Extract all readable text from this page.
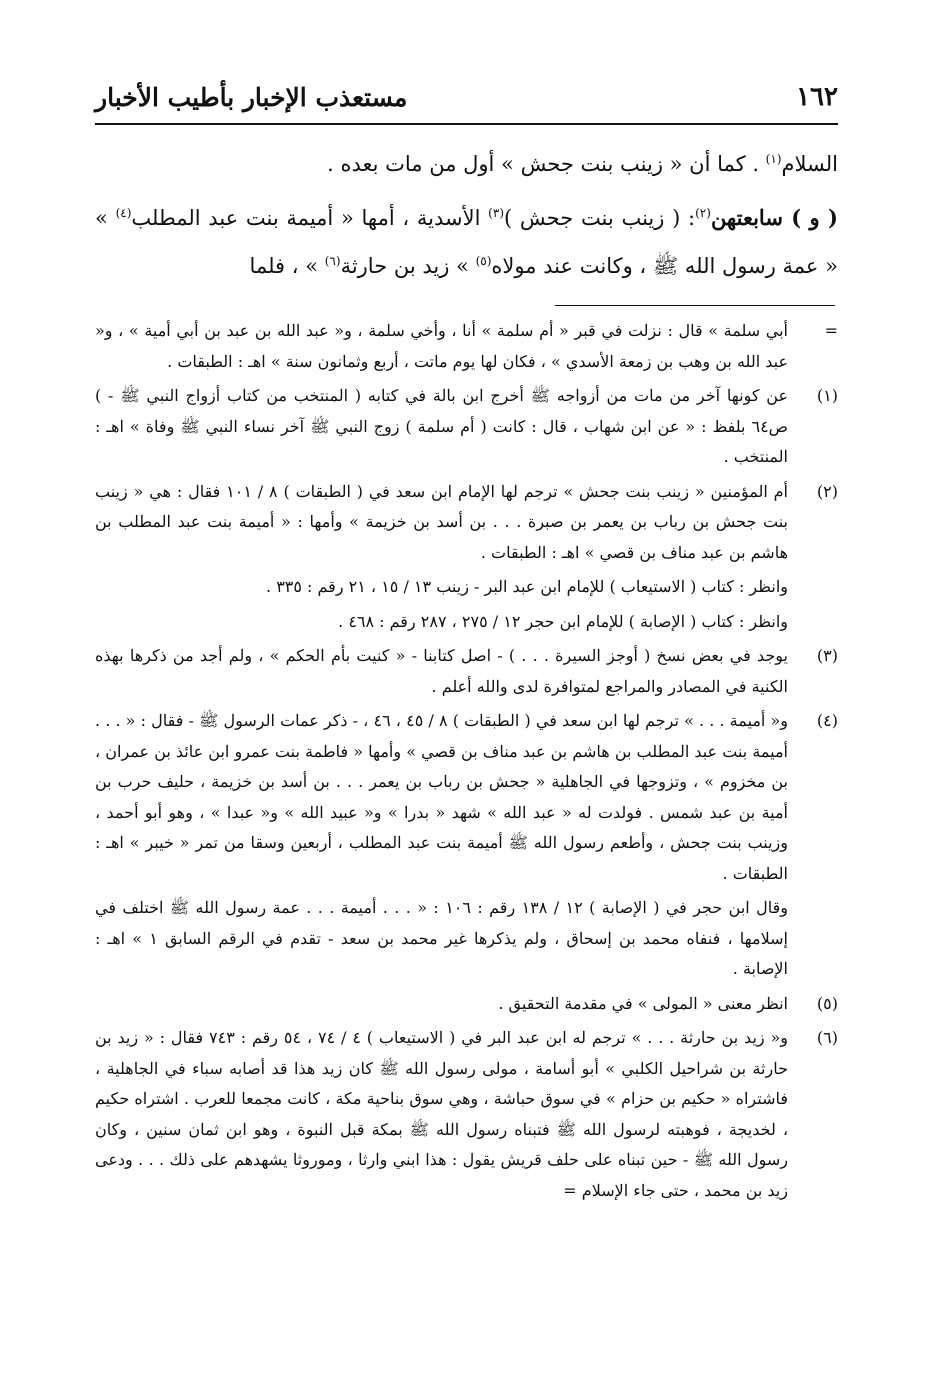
١٦٢
مستعذب الإخبار بأطيب الأخبار

السلام$^{(١)}$ . كما أن « زينب بنت جحش » أول من مات بعده .

( و ) سابعتهن$^{(٢)}$: ( زينب بنت جحش )$^{(٣)}$ الأسدية ، أمها « أميمة بنت عبد المطلب$^{(٤)}$ » « عمة رسول الله ﷺ ، وكانت عند مولاه$^{(٥)}$ » زيد بن حارثة$^{(٦)}$ » ، فلما

=

أبي سلمة » قال : نزلت في قبر « أم سلمة » أنا ، وأخي سلمة ، و« عبد الله بن عبد بن أبي أمية » ، و« عبد الله بن وهب بن زمعة الأسدي » ، فكان لها يوم ماتت ، أربع وثمانون سنة » اهـ : الطبقات .

(١)

عن كونها آخر من مات من أزواجه ﷺ أخرج ابن بالة في كتابه ( المنتخب من كتاب أزواج النبي ﷺ - ) ص٦٤ بلفظ : « عن ابن شهاب ، قال : كانت ( أم سلمة ) زوج النبي ﷺ آخر نساء النبي ﷺ وفاة » اهـ : المنتخب .

(٢)

أم المؤمنين « زينب بنت جحش » ترجم لها الإمام ابن سعد في ( الطبقات ) ٨ / ١٠١ فقال : هي « زينب بنت جحش بن رباب بن يعمر بن صبرة . . . بن أسد بن خزيمة » وأمها : « أميمة بنت عبد المطلب بن هاشم بن عبد مناف بن قصي » اهـ : الطبقات .

وانظر : كتاب ( الاستيعاب ) للإمام ابن عبد البر - زينب ١٣ / ١٥ ، ٢١ رقم : ٣٣٥ .

وانظر : كتاب ( الإصابة ) للإمام ابن حجر ١٢ / ٢٧٥ ، ٢٨٧ رقم : ٤٦٨ .

(٣)

يوجد في بعض نسخ ( أوجز السيرة . . . ) - اصل كتابنا - « كنيت بأم الحكم » ، ولم أجد من ذكرها بهذه الكنية في المصادر والمراجع لمتوافرة لدى والله أعلم .

(٤)

و« أميمة . . . » ترجم لها ابن سعد في ( الطبقات ) ٨ / ٤٥ ، ٤٦ ، - ذكر عمات الرسول ﷺ - فقال : « . . . أميمة بنت عبد المطلب بن هاشم بن عبد مناف بن قصي » وأمها « فاطمة بنت عمرو ابن عائذ بن عمران ، بن مخزوم » ، وتزوجها في الجاهلية « جحش بن رباب بن يعمر . . . بن أسد بن خزيمة ، حليف حرب بن أمية بن عبد شمس . فولدت له « عبد الله » شهد « بدرا » و« عبيد الله » و« عبدا » ، وهو أبو أحمد ، وزينب بنت جحش ، وأطعم رسول الله ﷺ أميمة بنت عبد المطلب ، أربعين وسقا من تمر « خيبر » اهـ : الطبقات .

وقال ابن حجر في ( الإصابة ) ١٢ / ١٣٨ رقم : ١٠٦ : « . . . أميمة . . . عمة رسول الله ﷺ اختلف في إسلامها ، فنفاه محمد بن إسحاق ، ولم يذكرها غير محمد بن سعد - تقدم في الرقم السابق ١ » اهـ : الإصابة .

(٥)

انظر معنى « المولى » في مقدمة التحقيق .

(٦)

و« زيد بن حارثة . . . » ترجم له ابن عبد البر في ( الاستيعاب ) ٤ / ٧٤ ، ٥٤ رقم : ٧٤٣ فقال : « زيد بن حارثة بن شراحيل الكلبي » أبو أسامة ، مولى رسول الله ﷺ كان زيد هذا قد أصابه سباء في الجاهلية ، فاشتراه « حكيم بن حزام » في سوق حباشة ، وهي سوق بناحية مكة ، كانت مجمعا للعرب . اشتراه حكيم ، لخديجة ، فوهبته لرسول الله ﷺ فتبناه رسول الله ﷺ بمكة قبل النبوة ، وهو ابن ثمان سنين ، وكان رسول الله ﷺ - حين تبناه على حلف قريش يقول : هذا ابني وارثا ، وموروثا يشهدهم على ذلك . . . ودعى زيد بن محمد ، حتى جاء الإسلام =
